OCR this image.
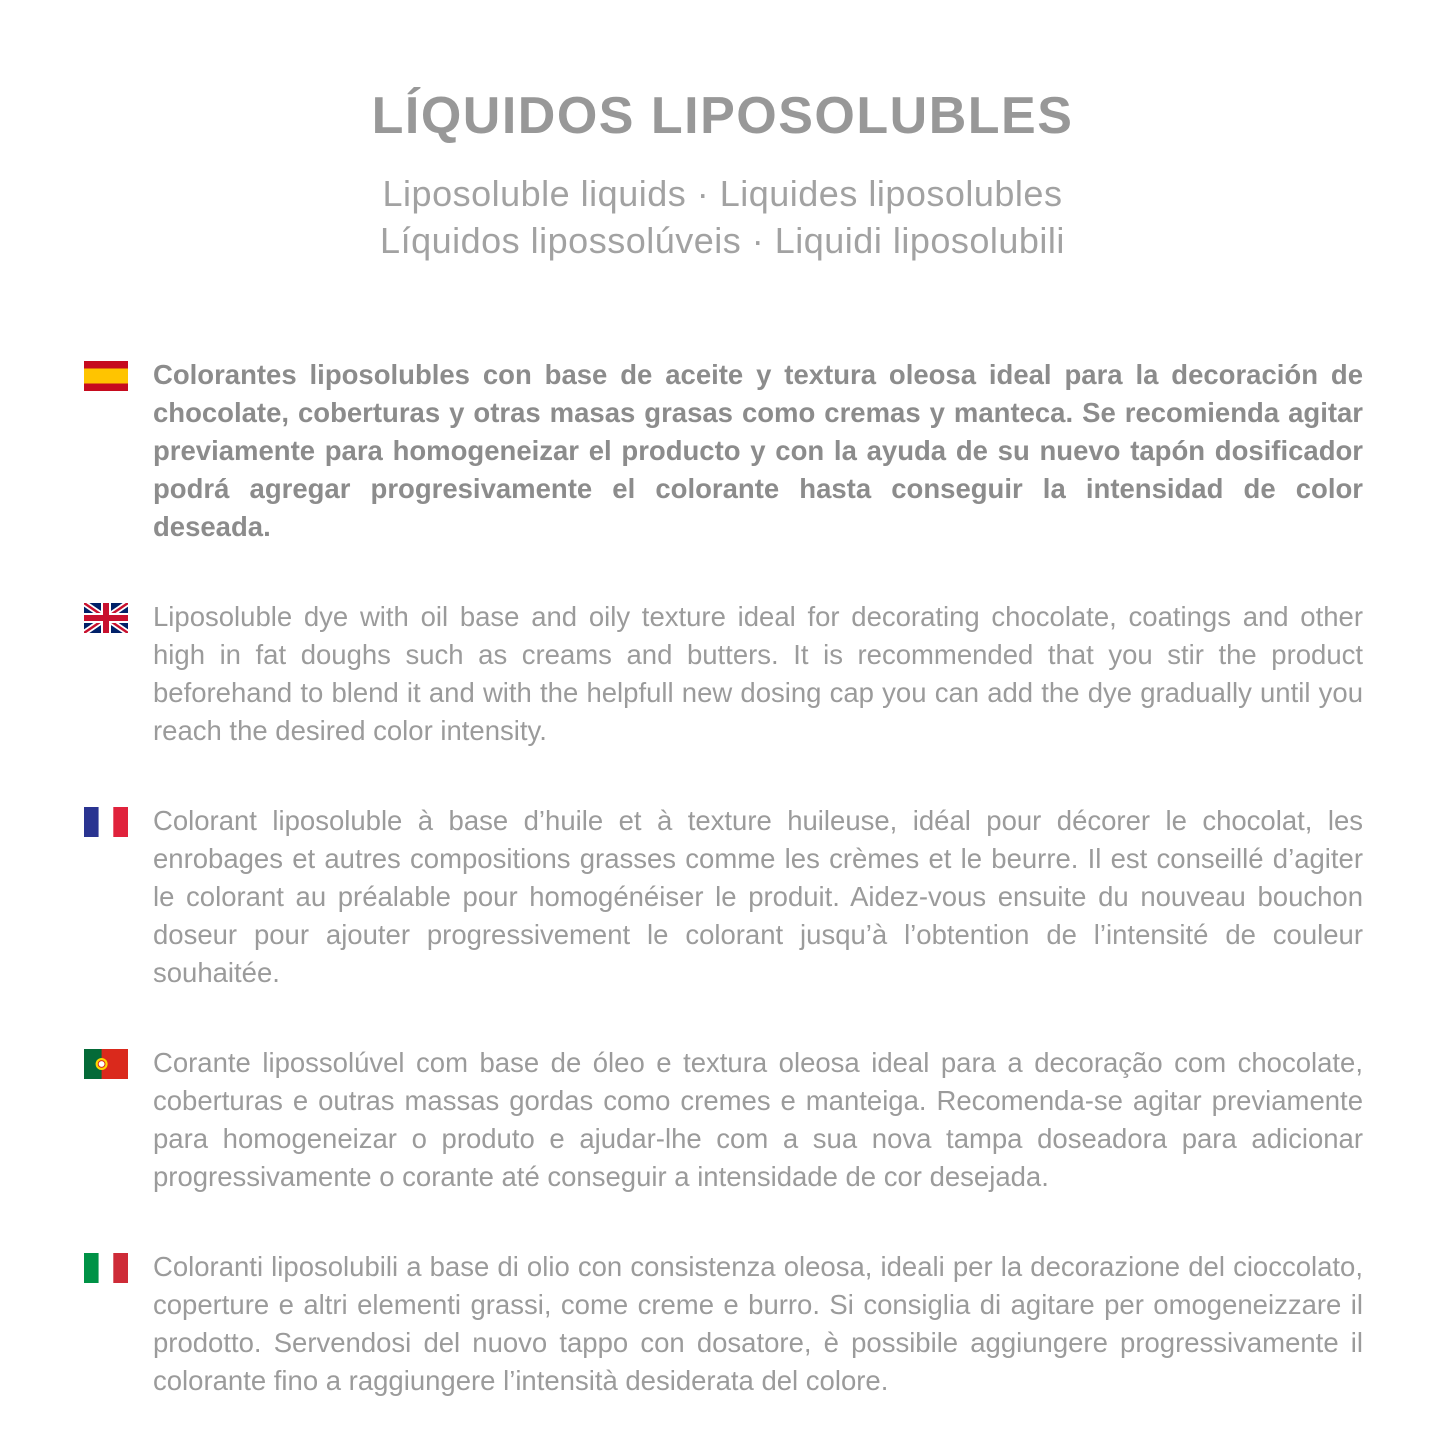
LÍQUIDOS LIPOSOLUBLES
Liposoluble liquids · Liquides liposolubles
Líquidos lipossolúveis · Liquidi liposolubili
Colorantes liposolubles con base de aceite y textura oleosa ideal para la decoración de chocolate, coberturas y otras masas grasas como cremas y manteca. Se recomienda agitar previamente para homogeneizar el producto y con la ayuda de su nuevo tapón dosificador podrá agregar progresivamente el colorante hasta conseguir la intensidad de color deseada.
Liposoluble dye with oil base and oily texture ideal for decorating chocolate, coatings and other high in fat doughs such as creams and butters. It is recommended that you stir the product beforehand to blend it and with the helpfull new dosing cap you can add the dye gradually until you reach the desired color intensity.
Colorant liposoluble à base d’huile et à texture huileuse, idéal pour décorer le chocolat, les enrobages et autres compositions grasses comme les crèmes et le beurre. Il est conseillé d’agiter le colorant au préalable pour homogénéiser le produit. Aidez-vous ensuite du nouveau bouchon doseur pour ajouter progressivement le colorant jusqu’à l’obtention de l’intensité de couleur souhaitée.
Corante lipossolúvel com base de óleo e textura oleosa ideal para a decoração com chocolate, coberturas e outras massas gordas como cremes e manteiga. Recomenda-se agitar previamente para homogeneizar o produto e ajudar-lhe com a sua nova tampa doseadora para adicionar progressivamente o corante até conseguir a intensidade de cor desejada.
Coloranti liposolubili a base di olio con consistenza oleosa, ideali per la decorazione del cioccolato, coperture e altri elementi grassi, come creme e burro. Si consiglia di agitare per omogeneizzare il prodotto. Servendosi del nuovo tappo con dosatore, è possibile aggiungere progressivamente il colorante fino a raggiungere l’intensità desiderata del colore.
